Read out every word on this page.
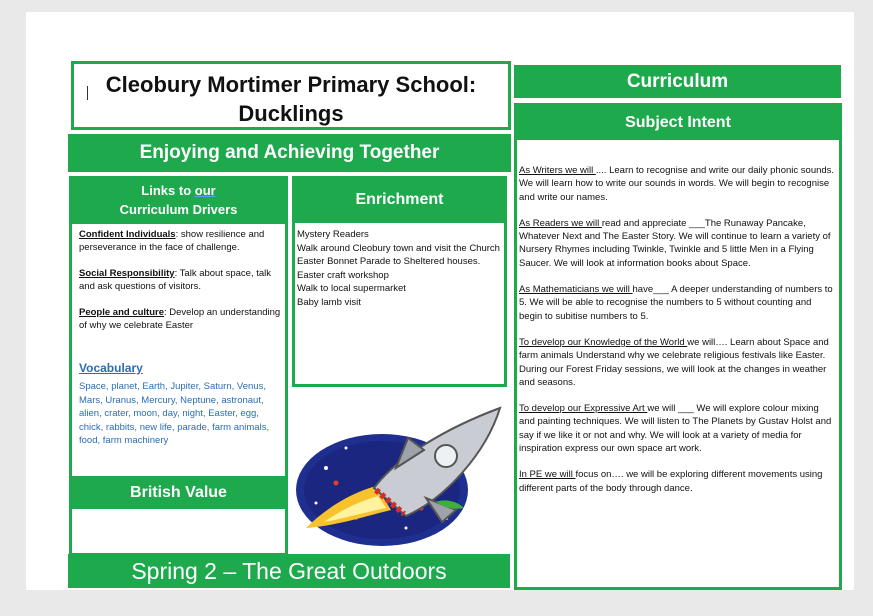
Cleobury Mortimer Primary School:
Ducklings
Enjoying and Achieving Together
Links to our
Curriculum Drivers

Confident Individuals: show resilience and perseverance in the face of challenge.

Social Responsibility: Talk about space, talk and ask questions of visitors.

People and culture: Develop an understanding of why we celebrate Easter

Vocabulary
Space, planet, Earth, Jupiter, Saturn, Venus, Mars, Uranus, Mercury, Neptune, astronaut, alien, crater, moon, day, night, Easter, egg, chick, rabbits, new life, parade, farm animals, food, farm machinery
British Value
Enrichment
Mystery Readers
Walk around Cleobury town and visit the Church
Easter Bonnet Parade to Sheltered houses.
Easter craft workshop
Walk to local supermarket
Baby lamb visit
Spring 2 – The Great Outdoors
Curriculum
Subject Intent

As Writers we will .... Learn to recognise and write our daily phonic sounds. We will learn how to write our sounds in words. We will begin to recognise and write our names.

As Readers we will read and appreciate ___The Runaway Pancake, Whatever Next and The Easter Story. We will continue to learn a variety of Nursery Rhymes including Twinkle, Twinkle and 5 little Men in a Flying Saucer. We will look at information books about Space.

As Mathematicians we will have___ A deeper understanding of numbers to 5. We will be able to recognise the numbers to 5 without counting and begin to subitise numbers to 5.

To develop our Knowledge of the World we will…. Learn about Space and farm animals Understand why we celebrate religious festivals like Easter. During our Forest Friday sessions, we will look at the changes in weather and seasons.

To develop our Expressive Art we will ___ We will explore colour mixing and painting techniques. We will listen to The Planets by Gustav Holst and say if we like it or not and why. We will look at a variety of media for inspiration express our own space art work.

In PE we will focus on…. we will be exploring different movements using different parts of the body through dance.
